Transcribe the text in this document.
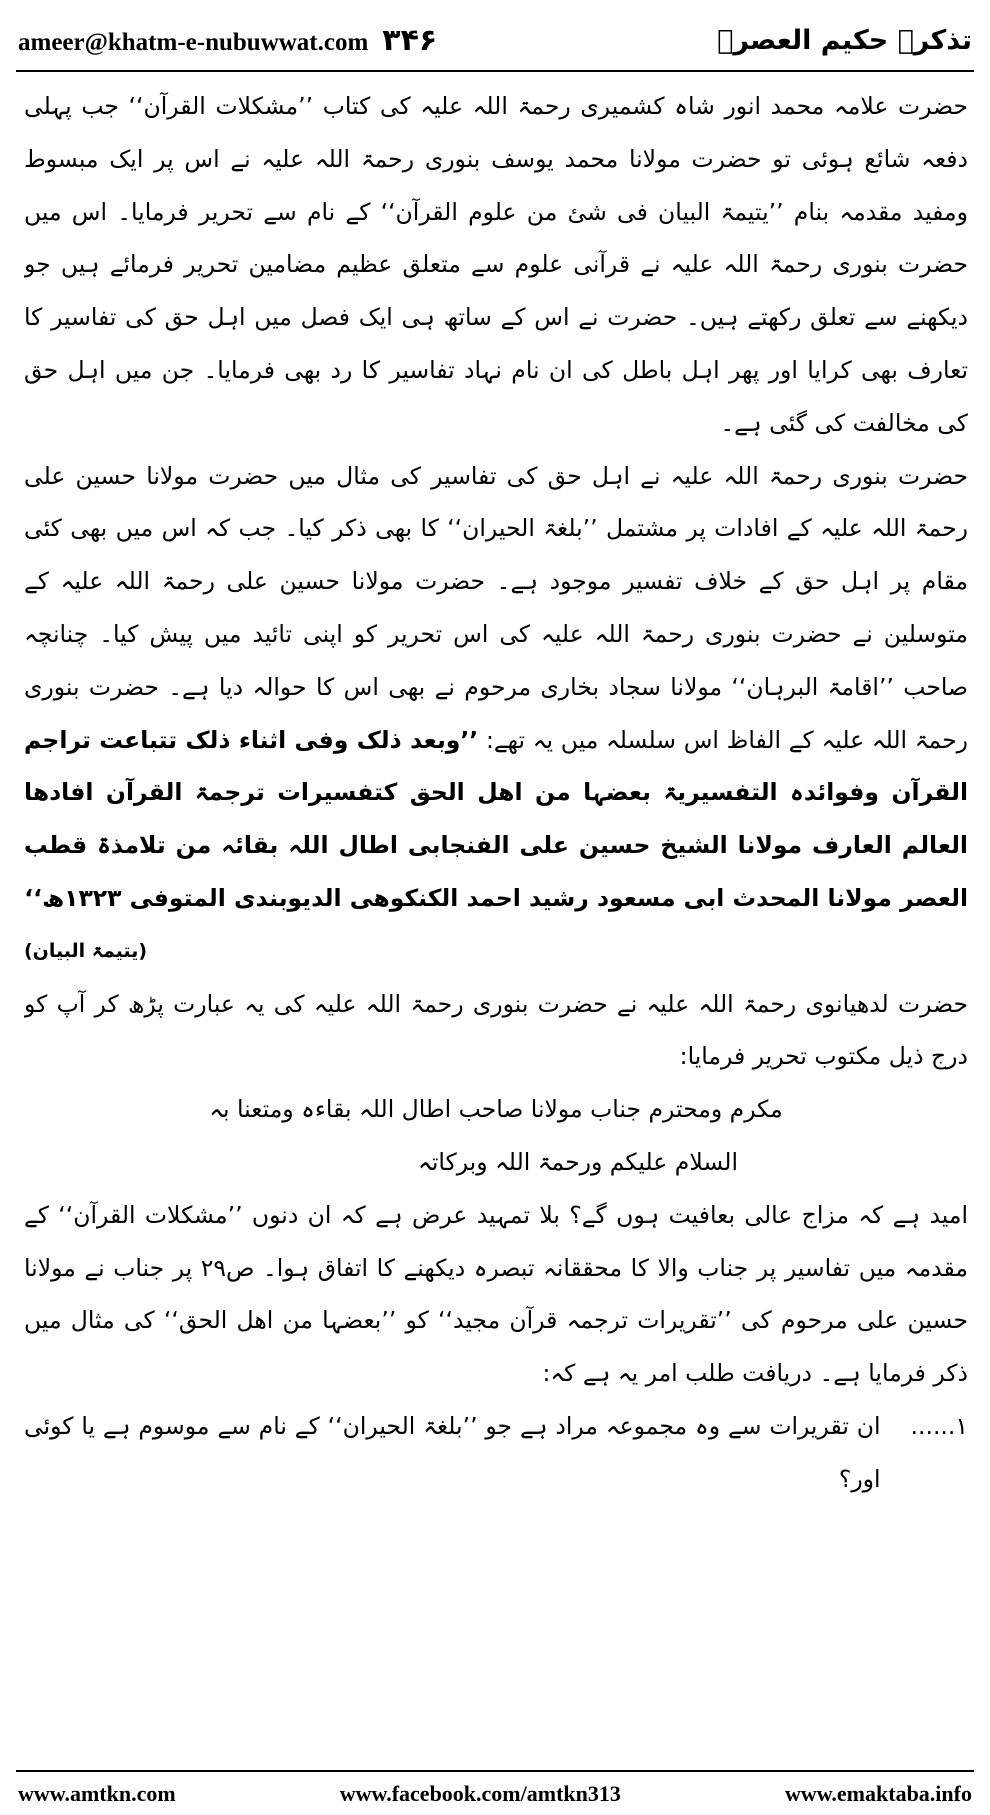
ameer@khatm-e-nubuwwat.com ۳۴۶	تذکرہ حکیم العصرؒ

حضرت علامہ محمد انور شاہ کشمیری رحمۃ اللہ علیہ کی کتاب ’’مشکلات القرآن‘‘ جب پہلی دفعہ شائع ہوئی تو حضرت مولانا محمد یوسف بنوری رحمۃ اللہ علیہ نے اس پر ایک مبسوط ومفید مقدمہ بنام ’’یتیمۃ البیان فی شئ من علوم القرآن‘‘ کے نام سے تحریر فرمایا۔ اس میں حضرت بنوری رحمۃ اللہ علیہ نے قرآنی علوم سے متعلق عظیم مضامین تحریر فرمائے ہیں جو دیکھنے سے تعلق رکھتے ہیں۔ حضرت نے اس کے ساتھ ہی ایک فصل میں اہل حق کی تفاسیر کا تعارف بھی کرایا اور پھر اہل باطل کی ان نام نہاد تفاسیر کا رد بھی فرمایا۔ جن میں اہل حق کی مخالفت کی گئی ہے۔

حضرت بنوری رحمۃ اللہ علیہ نے اہل حق کی تفاسیر کی مثال میں حضرت مولانا حسین علی رحمۃ اللہ علیہ کے افادات پر مشتمل ’’بلغۃ الحیران‘‘ کا بھی ذکر کیا۔ جب کہ اس میں بھی کئی مقام پر اہل حق کے خلاف تفسیر موجود ہے۔ حضرت مولانا حسین علی رحمۃ اللہ علیہ کے متوسلین نے حضرت بنوری رحمۃ اللہ علیہ کی اس تحریر کو اپنی تائید میں پیش کیا۔ چنانچہ صاحب ’’اقامۃ البرہان‘‘ مولانا سجاد بخاری مرحوم نے بھی اس کا حوالہ دیا ہے۔ حضرت بنوری رحمۃ اللہ علیہ کے الفاظ اس سلسلہ میں یہ تھے: ’’وبعد ذلک وفی اثناء ذلک تتباعت تراجم القرآن وفوائدہ التفسیریۃ بعضہا من اھل الحق کتفسیرات ترجمۃ القرآن افادھا العالم العارف مولانا الشیخ حسین علی الفنجابی اطال اللہ بقائہ من تلامذۃ قطب العصر مولانا المحدث ابی مسعود رشید احمد الکنکوھی الدیوبندی المتوفی ۱۳۲۳ھ‘‘

(یتیمۃ البیان)

حضرت لدھیانوی رحمۃ اللہ علیہ نے حضرت بنوری رحمۃ اللہ علیہ کی یہ عبارت پڑھ کر آپ کو درج ذیل مکتوب تحریر فرمایا:

مکرم ومحترم جناب مولانا صاحب اطال اللہ بقاءہ ومتعنا بہ

السلام علیکم ورحمۃ اللہ وبرکاتہ

امید ہے کہ مزاج عالی بعافیت ہوں گے؟ بلا تمہید عرض ہے کہ ان دنوں ’’مشکلات القرآن‘‘ کے مقدمہ میں تفاسیر پر جناب والا کا محققانہ تبصرہ دیکھنے کا اتفاق ہوا۔ ص۲۹ پر جناب نے مولانا حسین علی مرحوم کی ’’تقریرات ترجمہ قرآن مجید‘‘ کو ’’بعضہا من اھل الحق‘‘ کی مثال میں ذکر فرمایا ہے۔ دریافت طلب امر یہ ہے کہ:

۱......
ان تقریرات سے وہ مجموعہ مراد ہے جو ’’بلغۃ الحیران‘‘ کے نام سے موسوم ہے یا کوئی اور؟
www.amtkn.com	www.facebook.com/amtkn313	www.emaktaba.info
